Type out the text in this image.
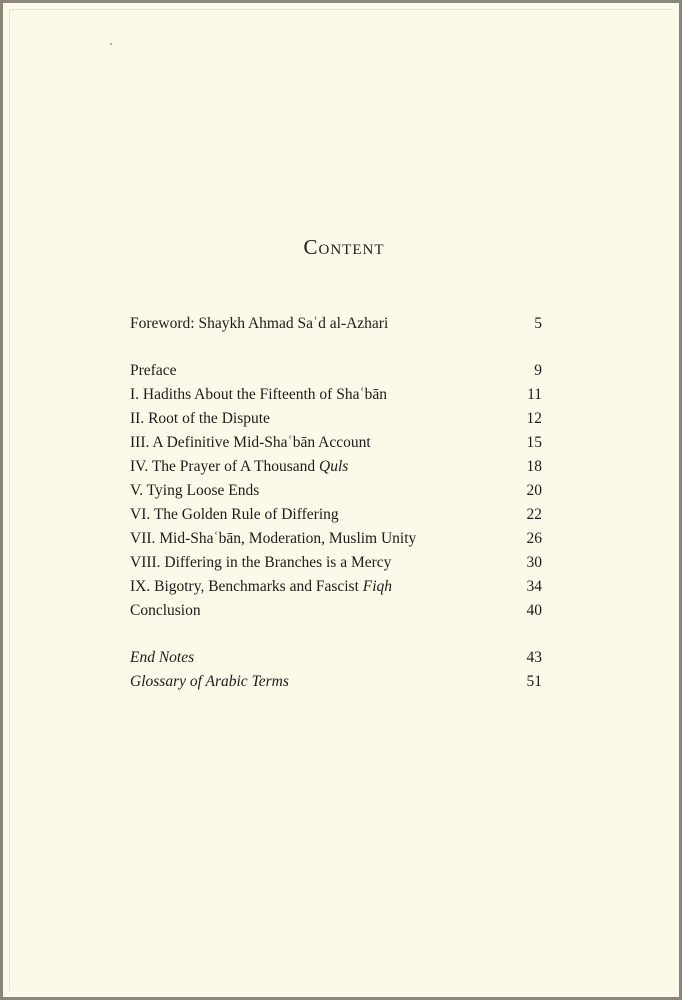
Content
Foreword: Shaykh Ahmad Saʿd al-Azhari	5
Preface	9
I. Hadiths About the Fifteenth of Shaʿbān	11
II. Root of the Dispute	12
III. A Definitive Mid-Shaʿbān Account	15
IV. The Prayer of A Thousand Quls	18
V. Tying Loose Ends	20
VI. The Golden Rule of Differing	22
VII. Mid-Shaʿbān, Moderation, Muslim Unity	26
VIII. Differing in the Branches is a Mercy	30
IX. Bigotry, Benchmarks and Fascist Fiqh	34
Conclusion	40
End Notes	43
Glossary of Arabic Terms	51
